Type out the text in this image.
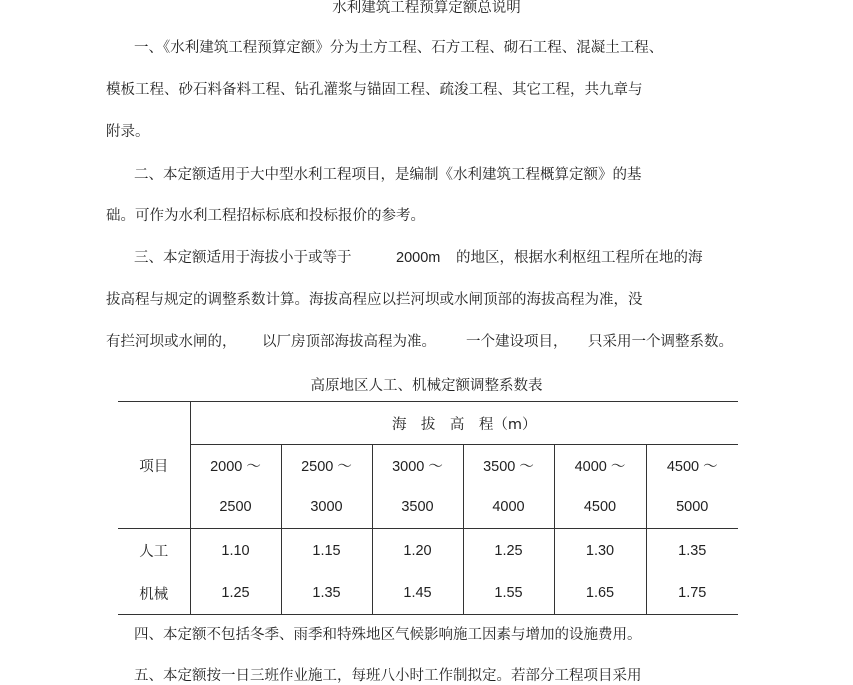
水利建筑工程预算定额总说明
一、《水利建筑工程预算定额》分为土方工程、石方工程、砌石工程、混凝土工程、
模板工程、砂石料备料工程、钻孔灌浆与锚固工程、疏浚工程、其它工程，共九章与
附录。
二、本定额适用于大中型水利工程项目，是编制《水利建筑工程概算定额》的基
础。可作为水利工程招标标底和投标报价的参考。
三、本定额适用于海拔小于或等于	2000m 的地区，根据水利枢纽工程所在地的海
拔高程与规定的调整系数计算。海拔高程应以拦河坝或水闸顶部的海拔高程为准，没
有拦河坝或水闸的， 以厂房顶部海拔高程为准。 一个建设项目， 只采用一个调整系数。
高原地区人工、机械定额调整系数表
项目	海　拔　高　程（m）					
	2000 ～	2500 ～	3000 ～	3500 ～	4000 ～	4500 ～
	2500	3000	3500	4000	4500	5000
人工	1.10	1.15	1.20	1.25	1.30	1.35
机械	1.25	1.35	1.45	1.55	1.65	1.75
四、本定额不包括冬季、雨季和特殊地区气候影响施工因素与增加的设施费用。
五、本定额按一日三班作业施工，每班八小时工作制拟定。若部分工程项目采用
